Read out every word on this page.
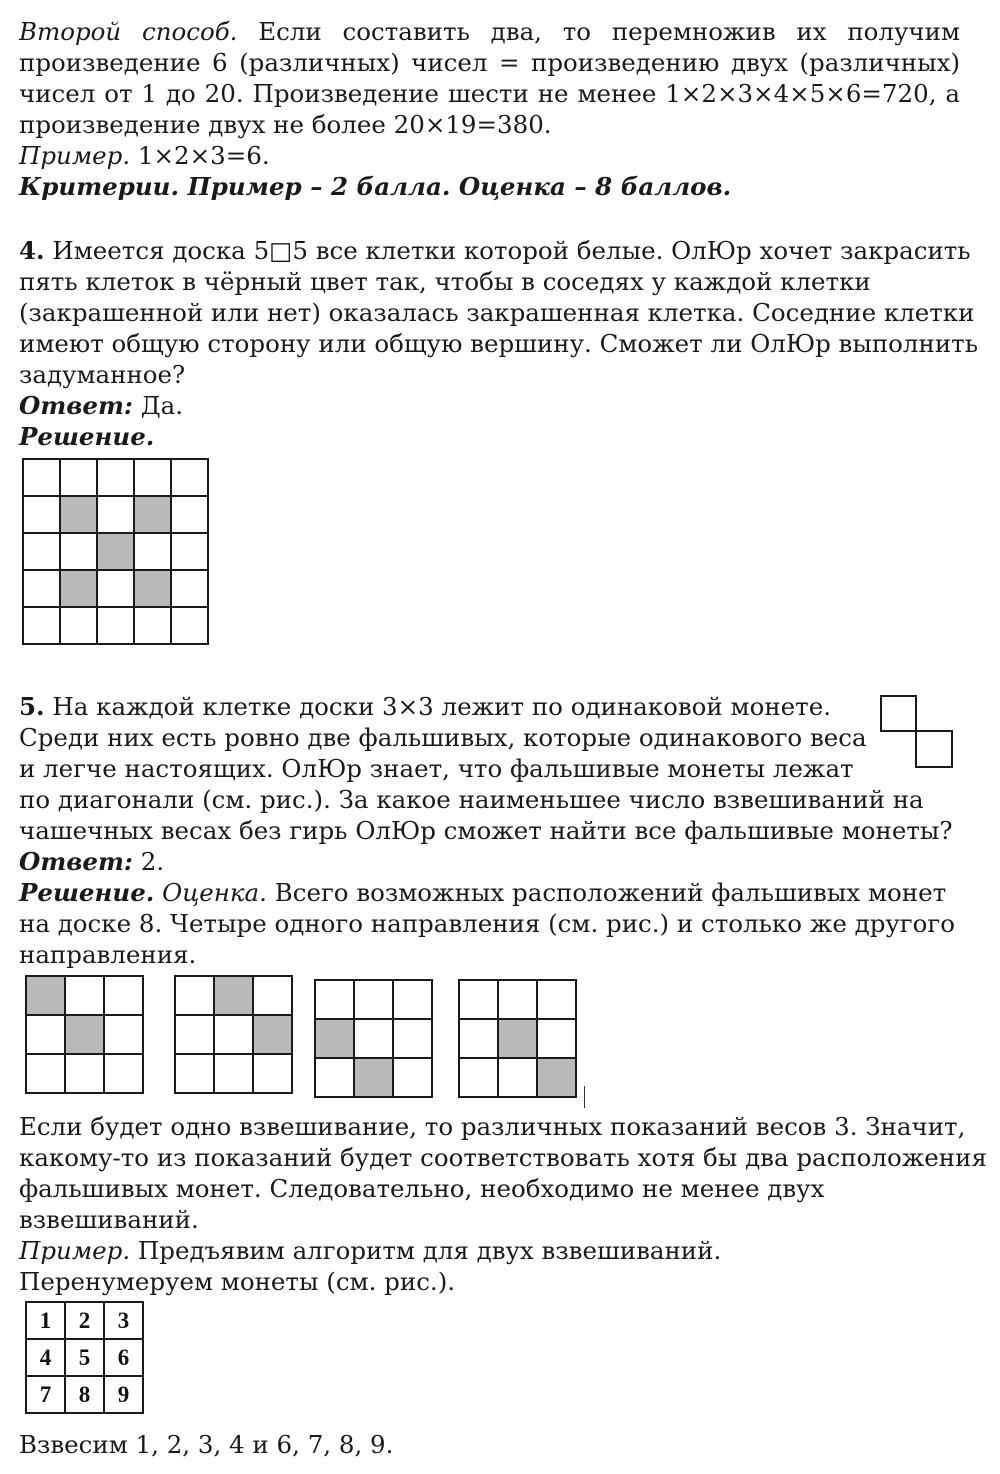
Второй способ. Если составить два, то перемножив их получим

произведение 6 (различных) чисел = произведению двух (различных)

чисел от 1 до 20. Произведение шести не менее 1×2×3×4×5×6=720, а

произведение двух не более 20×19=380.

Пример. 1×2×3=6.

Критерии. Пример – 2 балла. Оценка – 8 баллов.

4. Имеется доска 5□5 все клетки которой белые. ОлЮр хочет закрасить

пять клеток в чёрный цвет так, чтобы в соседях у каждой клетки

(закрашенной или нет) оказалась закрашенная клетка. Соседние клетки

имеют общую сторону или общую вершину. Сможет ли ОлЮр выполнить

задуманное?

Ответ: Да.

Решение.

5. На каждой клетке доски 3×3 лежит по одинаковой монете.

Среди них есть ровно две фальшивых, которые одинакового веса

и легче настоящих. ОлЮр знает, что фальшивые монеты лежат

по диагонали (см. рис.). За какое наименьшее число взвешиваний на

чашечных весах без гирь ОлЮр сможет найти все фальшивые монеты?

Ответ: 2.

Решение. Оценка. Всего возможных расположений фальшивых монет

на доске 8. Четыре одного направления (см. рис.) и столько же другого

направления.

Если будет одно взвешивание, то различных показаний весов 3. Значит,

какому-то из показаний будет соответствовать хотя бы два расположения

фальшивых монет. Следовательно, необходимо не менее двух

взвешиваний.

Пример. Предъявим алгоритм для двух взвешиваний.

Перенумеруем монеты (см. рис.).

1	2	3
4	5	6
7	8	9

Взвесим 1, 2, 3, 4 и 6, 7, 8, 9.
